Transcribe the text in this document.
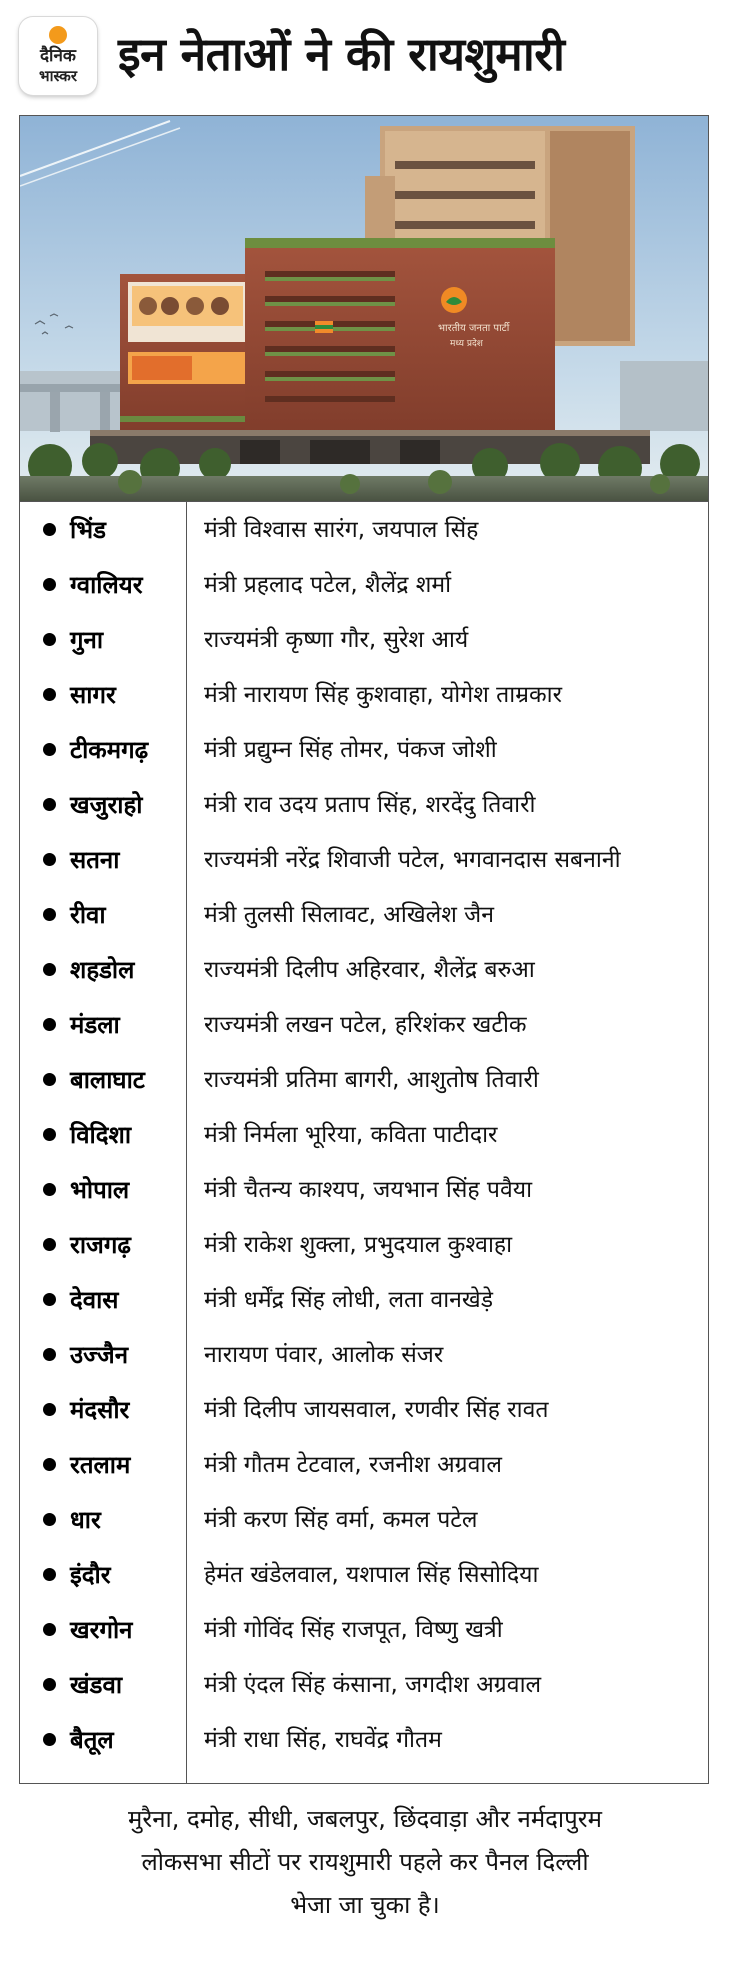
दैनिक
भास्कर इन नेताओं ने की रायशुमारी
भारतीय जनता पार्टी
मध्य प्रदेश
भिंड	मंत्री विश्वास सारंग, जयपाल सिंह
ग्वालियर	मंत्री प्रहलाद पटेल, शैलेंद्र शर्मा
गुना	राज्यमंत्री कृष्णा गौर, सुरेश आर्य
सागर	मंत्री नारायण सिंह कुशवाहा, योगेश ताम्रकार
टीकमगढ़ मंत्री प्रद्युम्न सिंह तोमर, पंकज जोशी
खजुराहो	मंत्री राव उदय प्रताप सिंह, शरदेंदु तिवारी
सतना	राज्यमंत्री नरेंद्र शिवाजी पटेल, भगवानदास सबनानी
रीवा	मंत्री तुलसी सिलावट, अखिलेश जैन
शहडोल	राज्यमंत्री दिलीप अहिरवार, शैलेंद्र बरुआ
मंडला	राज्यमंत्री लखन पटेल, हरिशंकर खटीक
बालाघाट	राज्यमंत्री प्रतिमा बागरी, आशुतोष तिवारी
विदिशा	मंत्री निर्मला भूरिया, कविता पाटीदार
भोपाल	मंत्री चैतन्य काश्यप, जयभान सिंह पवैया
राजगढ़	मंत्री राकेश शुक्ला, प्रभुदयाल कुश्वाहा
देवास	मंत्री धर्मेंद्र सिंह लोधी, लता वानखेड़े
उज्जैन	नारायण पंवार, आलोक संजर
मंदसौर	मंत्री दिलीप जायसवाल, रणवीर सिंह रावत
रतलाम	मंत्री गौतम टेटवाल, रजनीश अग्रवाल
धार	मंत्री करण सिंह वर्मा, कमल पटेल
इंदौर	हेमंत खंडेलवाल, यशपाल सिंह सिसोदिया
खरगोन	मंत्री गोविंद सिंह राजपूत, विष्णु खत्री
खंडवा	मंत्री एंदल सिंह कंसाना, जगदीश अग्रवाल
बैतूल	मंत्री राधा सिंह, राघवेंद्र गौतम
मुरैना, दमोह, सीधी, जबलपुर, छिंदवाड़ा और नर्मदापुरम
लोकसभा सीटों पर रायशुमारी पहले कर पैनल दिल्ली
भेजा जा चुका है।
